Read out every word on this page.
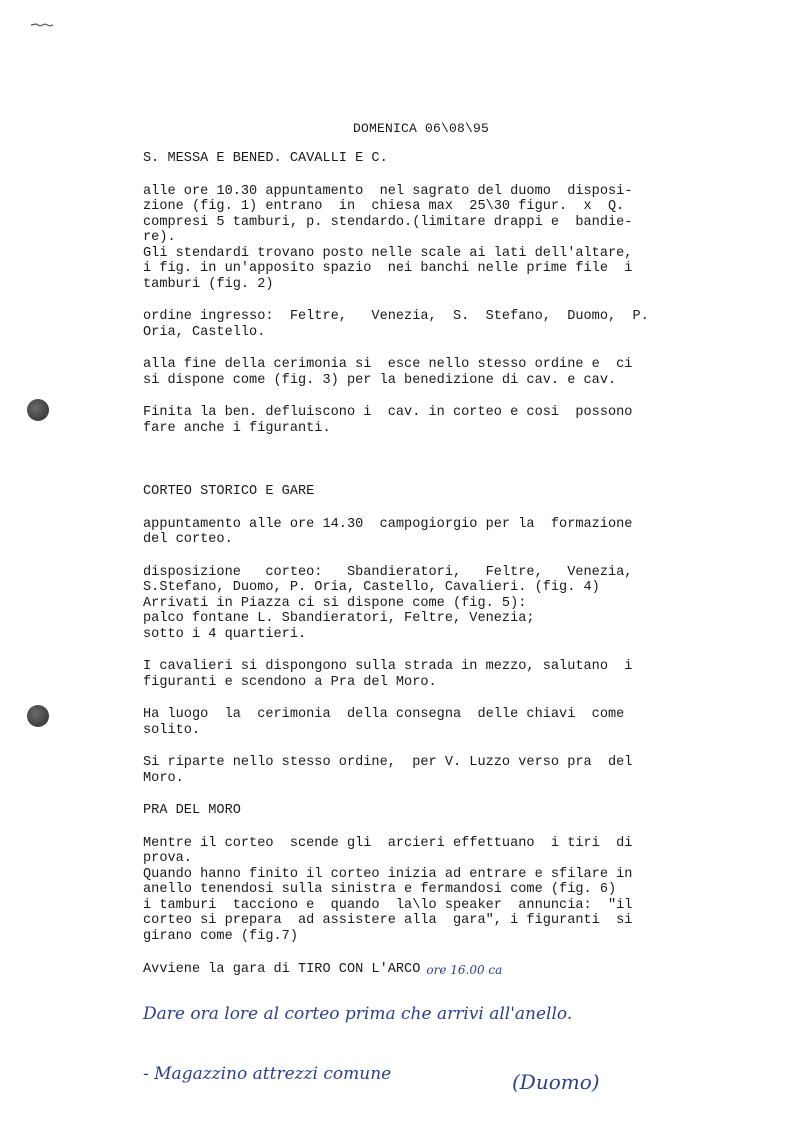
DOMENICA 06\08\95

S. MESSA E BENED. CAVALLI E C.

alle ore 10.30 appuntamento  nel sagrato del duomo  disposi-
zione (fig. 1) entrano  in  chiesa max  25\30 figur.  x  Q.
compresi 5 tamburi, p. stendardo.(limitare drappi e  bandie-
re).
Gli stendardi trovano posto nelle scale ai lati dell'altare,
i fig. in un'apposito spazio  nei banchi nelle prime file  i
tamburi (fig. 2)

ordine ingresso:  Feltre,   Venezia,  S.  Stefano,  Duomo,  P.
Oria, Castello.

alla fine della cerimonia si  esce nello stesso ordine e  ci
si dispone come (fig. 3) per la benedizione di cav. e cav.

Finita la ben. defluiscono i  cav. in corteo e cosi  possono
fare anche i figuranti.

CORTEO STORICO E GARE

appuntamento alle ore 14.30  campogiorgio per la  formazione
del corteo.

disposizione   corteo:   Sbandieratori,   Feltre,   Venezia,
S.Stefano, Duomo, P. Oria, Castello, Cavalieri. (fig. 4)
Arrivati in Piazza ci si dispone come (fig. 5):
palco fontane L. Sbandieratori, Feltre, Venezia;
sotto i 4 quartieri.

I cavalieri si dispongono sulla strada in mezzo, salutano  i
figuranti e scendono a Pra del Moro.

Ha luogo  la  cerimonia  della consegna  delle chiavi  come
solito.

Si riparte nello stesso ordine,  per V. Luzzo verso pra  del
Moro.

PRA DEL MORO

Mentre il corteo  scende gli  arcieri effettuano  i tiri  di
prova.
Quando hanno finito il corteo inizia ad entrare e sfilare in
anello tenendosi sulla sinistra e fermandosi come (fig. 6)
i tamburi  tacciono e  quando  la\lo speaker  annuncia:  "il
corteo si prepara  ad assistere alla  gara", i figuranti  si
girano come (fig.7)

Avviene la gara di TIRO CON L'ARCO ore 16.00 ca

Dare ora lore al corteo prima che arrivi all'anello.
- Magazzino attrezzi comune	(Duomo)
